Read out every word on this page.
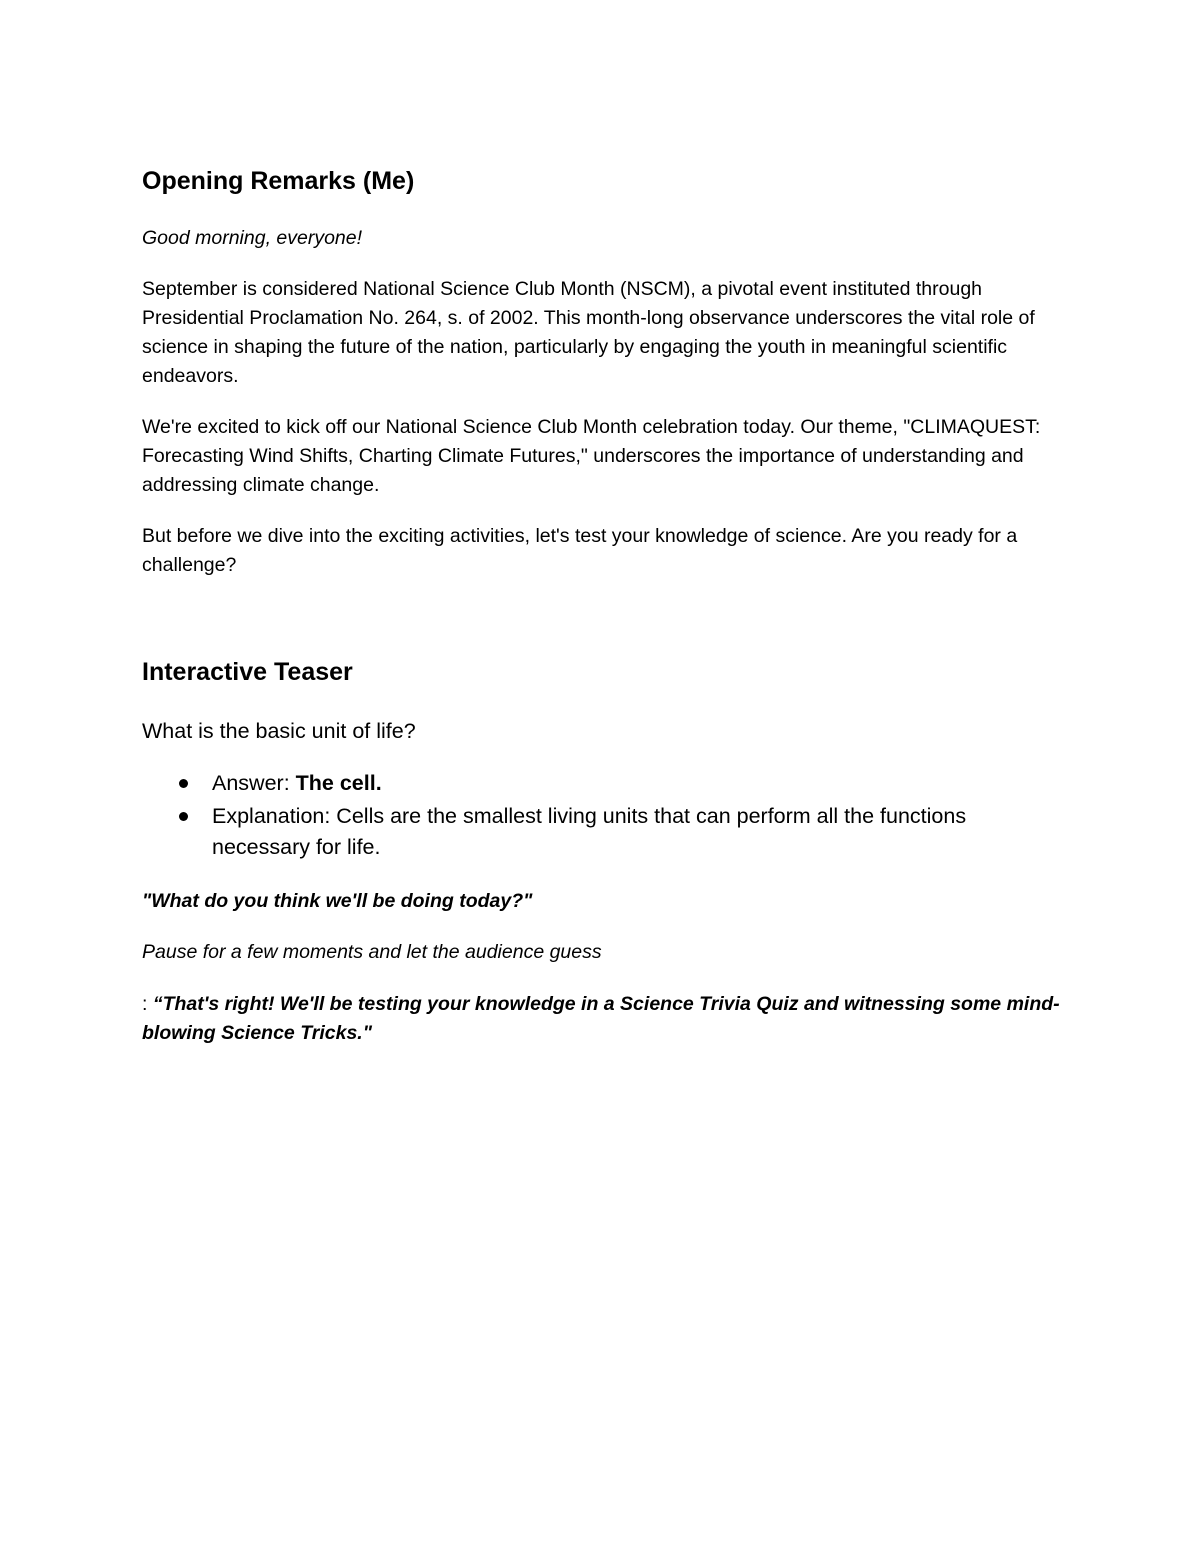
Opening Remarks (Me)

Good morning, everyone!

September is considered National Science Club Month (NSCM), a pivotal event instituted through Presidential Proclamation No. 264, s. of 2002. This month-long observance underscores the vital role of science in shaping the future of the nation, particularly by engaging the youth in meaningful scientific endeavors.

We're excited to kick off our National Science Club Month celebration today. Our theme, "CLIMAQUEST: Forecasting Wind Shifts, Charting Climate Futures," underscores the importance of understanding and addressing climate change.

But before we dive into the exciting activities, let's test your knowledge of science. Are you ready for a challenge?

Interactive Teaser

What is the basic unit of life?

Answer: The cell.
Explanation: Cells are the smallest living units that can perform all the functions necessary for life.

"What do you think we'll be doing today?"

Pause for a few moments and let the audience guess

: “That's right! We'll be testing your knowledge in a Science Trivia Quiz and witnessing some mind-blowing Science Tricks."
